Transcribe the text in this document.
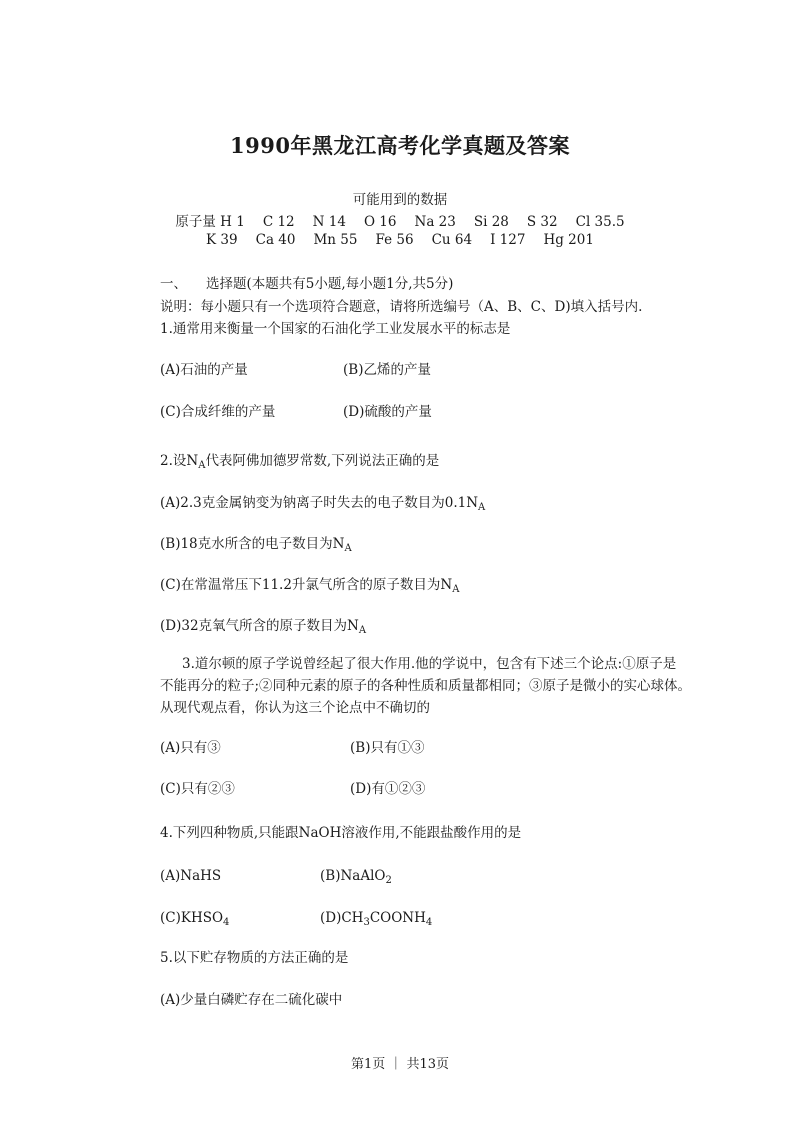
1990年黑龙江高考化学真题及答案
可能用到的数据
原子量 H 1 C 12 N 14 O 16 Na 23 Si 28 S 32 Cl 35.5
K 39 Ca 40 Mn 55 Fe 56 Cu 64 I 127 Hg 201
一、 选择题(本题共有5小题,每小题1分,共5分)
说明：每小题只有一个选项符合题意，请将所选编号（A、B、C、D)填入括号内.
1.通常用来衡量一个国家的石油化学工业发展水平的标志是
(A)石油的产量	(B)乙烯的产量
(C)合成纤维的产量	(D)硫酸的产量
2.设$N_A$代表阿佛加德罗常数,下列说法正确的是
(A)2.3克金属钠变为钠离子时失去的电子数目为$0.1N_A$
(B)18克水所含的电子数目为$N_A$
(C)在常温常压下11.2升氯气所含的原子数目为$N_A$
(D)32克氧气所含的原子数目为$N_A$
3.道尔顿的原子学说曾经起了很大作用.他的学说中，包含有下述三个论点:①原子是
不能再分的粒子;②同种元素的原子的各种性质和质量都相同；③原子是微小的实心球体。
从现代观点看，你认为这三个论点中不确切的
(A)只有③	(B)只有①③
(C)只有②③	(D)有①②③
4.下列四种物质,只能跟NaOH溶液作用,不能跟盐酸作用的是
(A)NaHS	(B)NaAlO$_2$
$(C)KHSO_4$	$(D)CH_3COONH_4$
5.以下贮存物质的方法正确的是
(A)少量白磷贮存在二硫化碳中
第1页 ｜ 共13页
